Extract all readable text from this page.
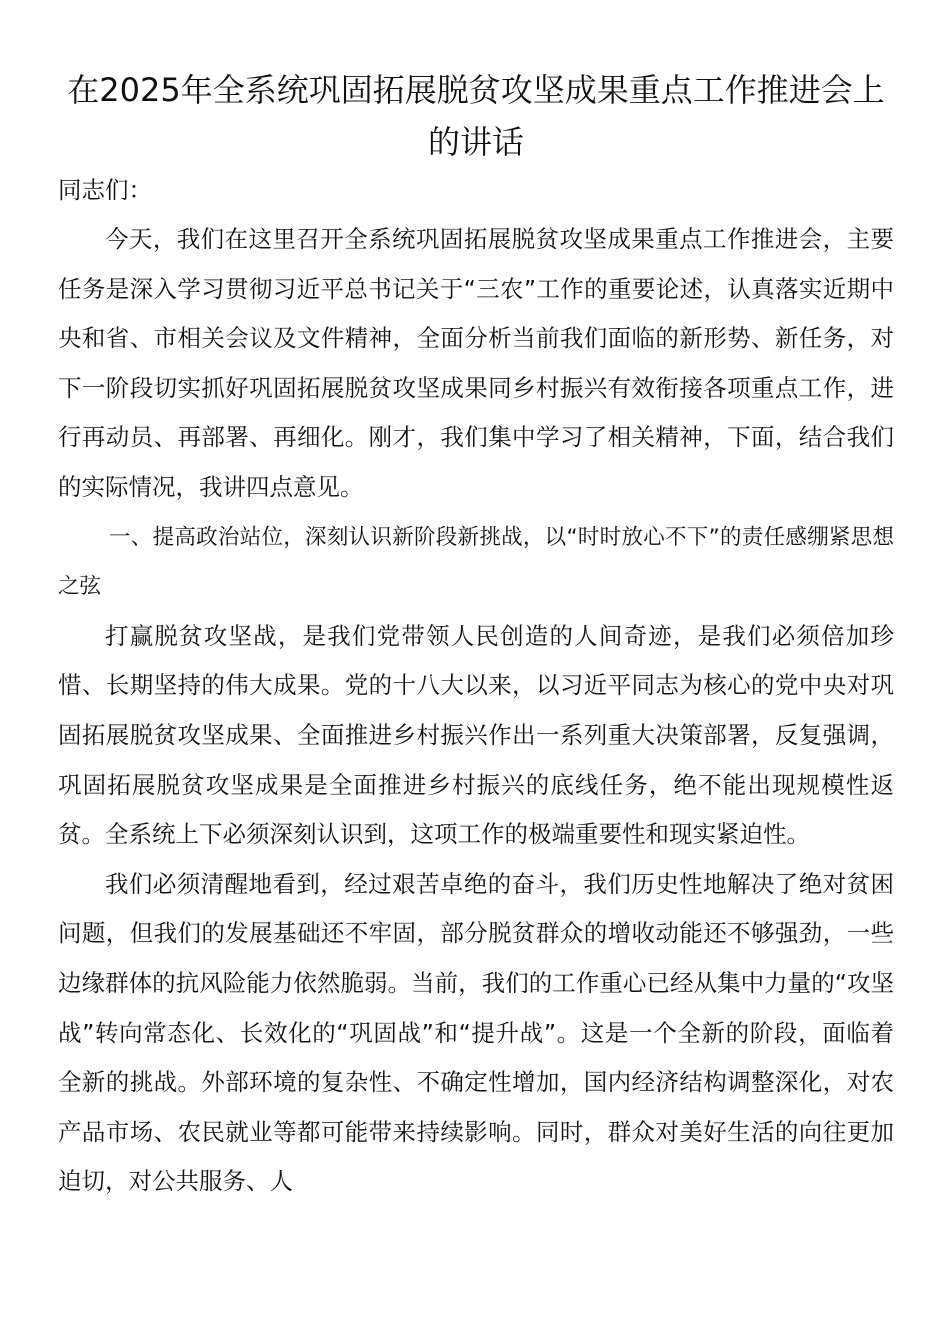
在2025年全系统巩固拓展脱贫攻坚成果重点工作推进会上的讲话

同志们：

今天，我们在这里召开全系统巩固拓展脱贫攻坚成果重点工作推进会，主要任务是深入学习贯彻习近平总书记关于“三农”工作的重要论述，认真落实近期中央和省、市相关会议及文件精神，全面分析当前我们面临的新形势、新任务，对下一阶段切实抓好巩固拓展脱贫攻坚成果同乡村振兴有效衔接各项重点工作，进行再动员、再部署、再细化。刚才，我们集中学习了相关精神，下面，结合我们的实际情况，我讲四点意见。

一、提高政治站位，深刻认识新阶段新挑战，以“时时放心不下”的责任感绷紧思想之弦

打赢脱贫攻坚战，是我们党带领人民创造的人间奇迹，是我们必须倍加珍惜、长期坚持的伟大成果。党的十八大以来，以习近平同志为核心的党中央对巩固拓展脱贫攻坚成果、全面推进乡村振兴作出一系列重大决策部署，反复强调，巩固拓展脱贫攻坚成果是全面推进乡村振兴的底线任务，绝不能出现规模性返贫。全系统上下必须深刻认识到，这项工作的极端重要性和现实紧迫性。

我们必须清醒地看到，经过艰苦卓绝的奋斗，我们历史性地解决了绝对贫困问题，但我们的发展基础还不牢固，部分脱贫群众的增收动能还不够强劲，一些边缘群体的抗风险能力依然脆弱。当前，我们的工作重心已经从集中力量的“攻坚战”转向常态化、长效化的“巩固战”和“提升战”。这是一个全新的阶段，面临着全新的挑战。外部环境的复杂性、不确定性增加，国内经济结构调整深化，对农产品市场、农民就业等都可能带来持续影响。同时，群众对美好生活的向往更加迫切，对公共服务、人
